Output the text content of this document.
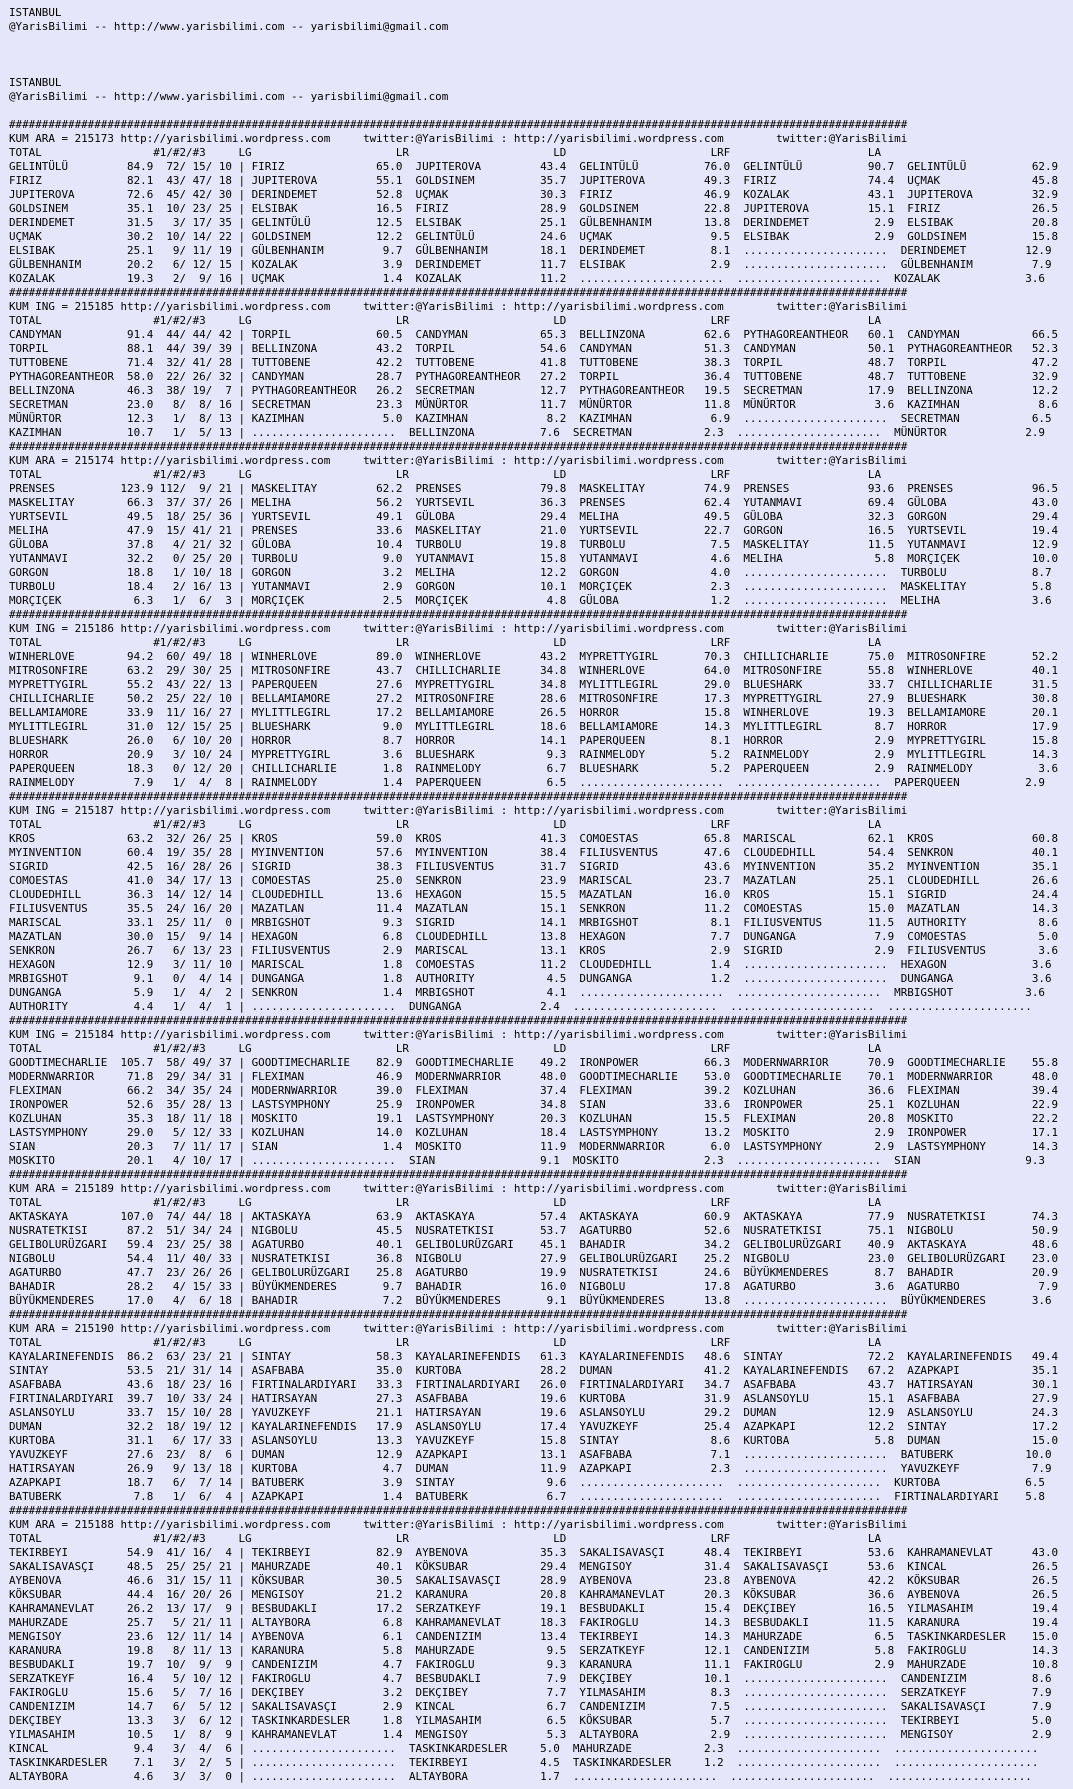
ISTANBUL
@YarisBilimi -- http://www.yarisbilimi.com -- yarisbilimi@gmail.com
ISTANBUL
@YarisBilimi -- http://www.yarisbilimi.com -- yarisbilimi@gmail.com

#########################################################################################################################################
KUM ARA = 215173 http://yarisbilimi.wordpress.com     twitter:@YarisBilimi : http://yarisbilimi.wordpress.com        twitter:@YarisBilimi
TOTAL                 #1/#2/#3     LG                      LR                      LD                      LRF                     LA
GELINTÜLÜ         84.9  72/ 15/ 10 | FIRIZ              65.0  JUPITEROVA         43.4  GELINTÜLÜ          76.0  GELINTÜLÜ          90.7  GELINTÜLÜ          62.9
FIRIZ             82.1  43/ 47/ 18 | JUPITEROVA         55.1  GOLDSINEM          35.7  JUPITEROVA         49.3  FIRIZ              74.4  UÇMAK              45.8
JUPITEROVA        72.6  45/ 42/ 30 | DERINDEMET         52.8  UÇMAK              30.3  FIRIZ              46.9  KOZALAK            43.1  JUPITEROVA         32.9
GOLDSINEM         35.1  10/ 23/ 25 | ELSIBAK            16.5  FIRIZ              28.9  GOLDSINEM          22.8  JUPITEROVA         15.1  FIRIZ              26.5
DERINDEMET        31.5   3/ 17/ 35 | GELINTÜLÜ          12.5  ELSIBAK            25.1  GÜLBENHANIM        13.8  DERINDEMET          2.9  ELSIBAK            20.8
UÇMAK             30.2  10/ 14/ 22 | GOLDSINEM          12.2  GELINTÜLÜ          24.6  UÇMAK               9.5  ELSIBAK             2.9  GOLDSINEM          15.8
ELSIBAK           25.1   9/ 11/ 19 | GÜLBENHANIM         9.7  GÜLBENHANIM        18.1  DERINDEMET          8.1  ......................  DERINDEMET         12.9
GÜLBENHANIM       20.2   6/ 12/ 15 | KOZALAK             3.9  DERINDEMET         11.7  ELSIBAK             2.9  ......................  GÜLBENHANIM         7.9
KOZALAK           19.3   2/  9/ 16 | UÇMAK               1.4  KOZALAK            11.2  ......................  ......................  KOZALAK             3.6
#########################################################################################################################################
KUM ING = 215185 http://yarisbilimi.wordpress.com     twitter:@YarisBilimi : http://yarisbilimi.wordpress.com        twitter:@YarisBilimi
TOTAL                 #1/#2/#3     LG                      LR                      LD                      LRF                     LA
CANDYMAN          91.4  44/ 44/ 42 | TORPIL             60.5  CANDYMAN           65.3  BELLINZONA         62.6  PYTHAGOREANTHEOR   60.1  CANDYMAN           66.5
TORPIL            88.1  44/ 39/ 39 | BELLINZONA         43.2  TORPIL             54.6  CANDYMAN           51.3  CANDYMAN           50.1  PYTHAGOREANTHEOR   52.3
TUTTOBENE         71.4  32/ 41/ 28 | TUTTOBENE          42.2  TUTTOBENE          41.8  TUTTOBENE          38.3  TORPIL             48.7  TORPIL             47.2
PYTHAGOREANTHEOR  58.0  22/ 26/ 32 | CANDYMAN           28.7  PYTHAGOREANTHEOR   27.2  TORPIL             36.4  TUTTOBENE          48.7  TUTTOBENE          32.9
BELLINZONA        46.3  38/ 19/  7 | PYTHAGOREANTHEOR   26.2  SECRETMAN          12.7  PYTHAGOREANTHEOR   19.5  SECRETMAN          17.9  BELLINZONA         12.2
SECRETMAN         23.0   8/  8/ 16 | SECRETMAN          23.3  MÜNÜRTOR           11.7  MÜNÜRTOR           11.8  MÜNÜRTOR            3.6  KAZIMHAN            8.6
MÜNÜRTOR          12.3   1/  8/ 13 | KAZIMHAN            5.0  KAZIMHAN            8.2  KAZIMHAN            6.9  ......................  SECRETMAN           6.5
KAZIMHAN          10.7   1/  5/ 13 | ......................  BELLINZONA          7.6  SECRETMAN           2.3  ......................  MÜNÜRTOR            2.9
#########################################################################################################################################
KUM ARA = 215174 http://yarisbilimi.wordpress.com     twitter:@YarisBilimi : http://yarisbilimi.wordpress.com        twitter:@YarisBilimi
TOTAL                 #1/#2/#3     LG                      LR                      LD                      LRF                     LA
PRENSES          123.9 112/  9/ 21 | MASKELITAY         62.2  PRENSES            79.8  MASKELITAY         74.9  PRENSES            93.6  PRENSES            96.5
MASKELITAY        66.3  37/ 37/ 26 | MELIHA             56.2  YURTSEVIL          36.3  PRENSES            62.4  YUTANMAVI          69.4  GÜLOBA             43.0
YURTSEVIL         49.5  18/ 25/ 36 | YURTSEVIL          49.1  GÜLOBA             29.4  MELIHA             49.5  GÜLOBA             32.3  GORGON             29.4
MELIHA            47.9  15/ 41/ 21 | PRENSES            33.6  MASKELITAY         21.0  YURTSEVIL          22.7  GORGON             16.5  YURTSEVIL          19.4
GÜLOBA            37.8   4/ 21/ 32 | GÜLOBA             10.4  TURBOLU            19.8  TURBOLU             7.5  MASKELITAY         11.5  YUTANMAVI          12.9
YUTANMAVI         32.2   0/ 25/ 20 | TURBOLU             9.0  YUTANMAVI          15.8  YUTANMAVI           4.6  MELIHA              5.8  MORÇIÇEK           10.0
GORGON            18.8   1/ 10/ 18 | GORGON              3.2  MELIHA             12.2  GORGON              4.0  ......................  TURBOLU             8.7
TURBOLU           18.4   2/ 16/ 13 | YUTANMAVI           2.9  GORGON             10.1  MORÇIÇEK            2.3  ......................  MASKELITAY          5.8
MORÇIÇEK           6.3   1/  6/  3 | MORÇIÇEK            2.5  MORÇIÇEK            4.8  GÜLOBA              1.2  ......................  MELIHA              3.6
#########################################################################################################################################
KUM ING = 215186 http://yarisbilimi.wordpress.com     twitter:@YarisBilimi : http://yarisbilimi.wordpress.com        twitter:@YarisBilimi
TOTAL                 #1/#2/#3     LG                      LR                      LD                      LRF                     LA
WINHERLOVE        94.2  60/ 49/ 18 | WINHERLOVE         89.0  WINHERLOVE         43.2  MYPRETTYGIRL       70.3  CHILLICHARLIE      75.0  MITROSONFIRE       52.2
MITROSONFIRE      63.2  29/ 30/ 25 | MITROSONFIRE       43.7  CHILLICHARLIE      34.8  WINHERLOVE         64.0  MITROSONFIRE       55.8  WINHERLOVE         40.1
MYPRETTYGIRL      55.2  43/ 22/ 13 | PAPERQUEEN         27.6  MYPRETTYGIRL       34.8  MYLITTLEGIRL       29.0  BLUESHARK          33.7  CHILLICHARLIE      31.5
CHILLICHARLIE     50.2  25/ 22/ 10 | BELLAMIAMORE       27.2  MITROSONFIRE       28.6  MITROSONFIRE       17.3  MYPRETTYGIRL       27.9  BLUESHARK          30.8
BELLAMIAMORE      33.9  11/ 16/ 27 | MYLITTLEGIRL       17.2  BELLAMIAMORE       26.5  HORROR             15.8  WINHERLOVE         19.3  BELLAMIAMORE       20.1
MYLITTLEGIRL      31.0  12/ 15/ 25 | BLUESHARK           9.0  MYLITTLEGIRL       18.6  BELLAMIAMORE       14.3  MYLITTLEGIRL        8.7  HORROR             17.9
BLUESHARK         26.0   6/ 10/ 20 | HORROR              8.7  HORROR             14.1  PAPERQUEEN          8.1  HORROR              2.9  MYPRETTYGIRL       15.8
HORROR            20.9   3/ 10/ 24 | MYPRETTYGIRL        3.6  BLUESHARK           9.3  RAINMELODY          5.2  RAINMELODY          2.9  MYLITTLEGIRL       14.3
PAPERQUEEN        18.3   0/ 12/ 20 | CHILLICHARLIE       1.8  RAINMELODY          6.7  BLUESHARK           5.2  PAPERQUEEN          2.9  RAINMELODY          3.6
RAINMELODY         7.9   1/  4/  8 | RAINMELODY          1.4  PAPERQUEEN          6.5  ......................  ......................  PAPERQUEEN          2.9
#########################################################################################################################################
KUM ING = 215187 http://yarisbilimi.wordpress.com     twitter:@YarisBilimi : http://yarisbilimi.wordpress.com        twitter:@YarisBilimi
TOTAL                 #1/#2/#3     LG                      LR                      LD                      LRF                     LA
KROS              63.2  32/ 26/ 25 | KROS               59.0  KROS               41.3  COMOESTAS          65.8  MARISCAL           62.1  KROS               60.8
MYINVENTION       60.4  19/ 35/ 28 | MYINVENTION        57.6  MYINVENTION        38.4  FILIUSVENTUS       47.6  CLOUDEDHILL        54.4  SENKRON            40.1
SIGRID            42.5  16/ 28/ 26 | SIGRID             38.3  FILIUSVENTUS       31.7  SIGRID             43.6  MYINVENTION        35.2  MYINVENTION        35.1
COMOESTAS         41.0  34/ 17/ 13 | COMOESTAS          25.0  SENKRON            23.9  MARISCAL           23.7  MAZATLAN           25.1  CLOUDEDHILL        26.6
CLOUDEDHILL       36.3  14/ 12/ 14 | CLOUDEDHILL        13.6  HEXAGON            15.5  MAZATLAN           16.0  KROS               15.1  SIGRID             24.4
FILIUSVENTUS      35.5  24/ 16/ 20 | MAZATLAN           11.4  MAZATLAN           15.1  SENKRON            11.2  COMOESTAS          15.0  MAZATLAN           14.3
MARISCAL          33.1  25/ 11/  0 | MRBIGSHOT           9.3  SIGRID             14.1  MRBIGSHOT           8.1  FILIUSVENTUS       11.5  AUTHORITY           8.6
MAZATLAN          30.0  15/  9/ 14 | HEXAGON             6.8  CLOUDEDHILL        13.8  HEXAGON             7.7  DUNGANGA            7.9  COMOESTAS           5.0
SENKRON           26.7   6/ 13/ 23 | FILIUSVENTUS        2.9  MARISCAL           13.1  KROS                2.9  SIGRID              2.9  FILIUSVENTUS        3.6
HEXAGON           12.9   3/ 11/ 10 | MARISCAL            1.8  COMOESTAS          11.2  CLOUDEDHILL         1.4  ......................  HEXAGON             3.6
MRBIGSHOT          9.1   0/  4/ 14 | DUNGANGA            1.8  AUTHORITY           4.5  DUNGANGA            1.2  ......................  DUNGANGA            3.6
DUNGANGA           5.9   1/  4/  2 | SENKRON             1.4  MRBIGSHOT           4.1  ......................  ......................  MRBIGSHOT           3.6
AUTHORITY          4.4   1/  4/  1 | ......................  DUNGANGA            2.4  ......................  ......................  ......................
#########################################################################################################################################
KUM ING = 215184 http://yarisbilimi.wordpress.com     twitter:@YarisBilimi : http://yarisbilimi.wordpress.com        twitter:@YarisBilimi
TOTAL                 #1/#2/#3     LG                      LR                      LD                      LRF                     LA
GOODTIMECHARLIE  105.7  58/ 49/ 37 | GOODTIMECHARLIE    82.9  GOODTIMECHARLIE    49.2  IRONPOWER          66.3  MODERNWARRIOR      70.9  GOODTIMECHARLIE    55.8
MODERNWARRIOR     71.8  29/ 34/ 31 | FLEXIMAN           46.9  MODERNWARRIOR      48.0  GOODTIMECHARLIE    53.0  GOODTIMECHARLIE    70.1  MODERNWARRIOR      48.0
FLEXIMAN          66.2  34/ 35/ 24 | MODERNWARRIOR      39.0  FLEXIMAN           37.4  FLEXIMAN           39.2  KOZLUHAN           36.6  FLEXIMAN           39.4
IRONPOWER         52.6  35/ 28/ 13 | LASTSYMPHONY       25.9  IRONPOWER          34.8  SIAN               33.6  IRONPOWER          25.1  KOZLUHAN           22.9
KOZLUHAN          35.3  18/ 11/ 18 | MOSKITO            19.1  LASTSYMPHONY       20.3  KOZLUHAN           15.5  FLEXIMAN           20.8  MOSKITO            22.2
LASTSYMPHONY      29.0   5/ 12/ 33 | KOZLUHAN           14.0  KOZLUHAN           18.4  LASTSYMPHONY       13.2  MOSKITO             2.9  IRONPOWER          17.1
SIAN              20.3   7/ 11/ 17 | SIAN                1.4  MOSKITO            11.9  MODERNWARRIOR       6.0  LASTSYMPHONY        2.9  LASTSYMPHONY       14.3
MOSKITO           20.1   4/ 10/ 17 | ......................  SIAN                9.1  MOSKITO             2.3  ......................  SIAN                9.3
#########################################################################################################################################
KUM ARA = 215189 http://yarisbilimi.wordpress.com     twitter:@YarisBilimi : http://yarisbilimi.wordpress.com        twitter:@YarisBilimi
TOTAL                 #1/#2/#3     LG                      LR                      LD                      LRF                     LA
AKTASKAYA        107.0  74/ 44/ 18 | AKTASKAYA          63.9  AKTASKAYA          57.4  AKTASKAYA          60.9  AKTASKAYA          77.9  NUSRATETKISI       74.3
NUSRATETKISI      87.2  51/ 34/ 24 | NIGBOLU            45.5  NUSRATETKISI       53.7  AGATURBO           52.6  NUSRATETKISI       75.1  NIGBOLU            50.9
GELIBOLURÜZGARI   59.4  23/ 25/ 38 | AGATURBO           40.1  GELIBOLURÜZGARI    45.1  BAHADIR            34.2  GELIBOLURÜZGARI    40.9  AKTASKAYA          48.6
NIGBOLU           54.4  11/ 40/ 33 | NUSRATETKISI       36.8  NIGBOLU            27.9  GELIBOLURÜZGARI    25.2  NIGBOLU            23.0  GELIBOLURÜZGARI    23.0
AGATURBO          47.7  23/ 26/ 26 | GELIBOLURÜZGARI    25.8  AGATURBO           19.9  NUSRATETKISI       24.6  BÜYÜKMENDERES       8.7  BAHADIR            20.9
BAHADIR           28.2   4/ 15/ 33 | BÜYÜKMENDERES       9.7  BAHADIR            16.0  NIGBOLU            17.8  AGATURBO            3.6  AGATURBO            7.9
BÜYÜKMENDERES     17.0   4/  6/ 18 | BAHADIR             7.2  BÜYÜKMENDERES       9.1  BÜYÜKMENDERES      13.8  ......................  BÜYÜKMENDERES       3.6
#########################################################################################################################################
KUM ARA = 215190 http://yarisbilimi.wordpress.com     twitter:@YarisBilimi : http://yarisbilimi.wordpress.com        twitter:@YarisBilimi
TOTAL                 #1/#2/#3     LG                      LR                      LD                      LRF                     LA
KAYALARINEFENDIS  86.2  63/ 23/ 21 | SINTAY             58.3  KAYALARINEFENDIS   61.3  KAYALARINEFENDIS   48.6  SINTAY             72.2  KAYALARINEFENDIS   49.4
SINTAY            53.5  21/ 31/ 14 | ASAFBABA           35.0  KURTOBA            28.2  DUMAN              41.2  KAYALARINEFENDIS   67.2  AZAPKAPI           35.1
ASAFBABA          43.6  18/ 23/ 16 | FIRTINALARDIYARI   33.3  FIRTINALARDIYARI   26.0  FIRTINALARDIYARI   34.7  ASAFBABA           43.7  HATIRSAYAN         30.1
FIRTINALARDIYARI  39.7  10/ 33/ 24 | HATIRSAYAN         27.3  ASAFBABA           19.6  KURTOBA            31.9  ASLANSOYLU         15.1  ASAFBABA           27.9
ASLANSOYLU        33.7  15/ 10/ 28 | YAVUZKEYF          21.1  HATIRSAYAN         19.6  ASLANSOYLU         29.2  DUMAN              12.9  ASLANSOYLU         24.3
DUMAN             32.2  18/ 19/ 12 | KAYALARINEFENDIS   17.9  ASLANSOYLU         17.4  YAVUZKEYF          25.4  AZAPKAPI           12.2  SINTAY             17.2
KURTOBA           31.1   6/ 17/ 33 | ASLANSOYLU         13.3  YAVUZKEYF          15.8  SINTAY              8.6  KURTOBA             5.8  DUMAN              15.0
YAVUZKEYF         27.6  23/  8/  6 | DUMAN              12.9  AZAPKAPI           13.1  ASAFBABA            7.1  ......................  BATUBERK           10.0
HATIRSAYAN        26.9   9/ 13/ 18 | KURTOBA             4.7  DUMAN              11.9  AZAPKAPI            2.3  ......................  YAVUZKEYF           7.9
AZAPKAPI          18.7   6/  7/ 14 | BATUBERK            3.9  SINTAY              9.6  ......................  ......................  KURTOBA             6.5
BATUBERK           7.8   1/  6/  4 | AZAPKAPI            1.4  BATUBERK            6.7  ......................  ......................  FIRTINALARDIYARI    5.8
#########################################################################################################################################
KUM ARA = 215188 http://yarisbilimi.wordpress.com     twitter:@YarisBilimi : http://yarisbilimi.wordpress.com        twitter:@YarisBilimi
TOTAL                 #1/#2/#3     LG                      LR                      LD                      LRF                     LA
TEKIRBEYI         54.9  41/ 16/  4 | TEKIRBEYI          82.9  AYBENOVA           35.3  SAKALISAVASÇI      48.4  TEKIRBEYI          53.6  KAHRAMANEVLAT      43.0
SAKALISAVASÇI     48.5  25/ 25/ 21 | MAHURZADE          40.1  KÖKSUBAR           29.4  MENGISOY           31.4  SAKALISAVASÇI      53.6  KINCAL             26.5
AYBENOVA          46.6  31/ 15/ 11 | KÖKSUBAR           30.5  SAKALISAVASÇI      28.9  AYBENOVA           23.8  AYBENOVA           42.2  KÖKSUBAR           26.5
KÖKSUBAR          44.4  16/ 20/ 26 | MENGISOY           21.2  KARANURA           20.8  KAHRAMANEVLAT      20.3  KÖKSUBAR           36.6  AYBENOVA           26.5
KAHRAMANEVLAT     26.2  13/ 17/  9 | BESBUDAKLI         17.2  SERZATKEYF         19.1  BESBUDAKLI         15.4  DEKÇIBEY           16.5  YILMASAHIM         19.4
MAHURZADE         25.7   5/ 21/ 11 | ALTAYBORA           6.8  KAHRAMANEVLAT      18.3  FAKIROGLU          14.3  BESBUDAKLI         11.5  KARANURA           19.4
MENGISOY          23.6  12/ 11/ 14 | AYBENOVA            6.1  CANDENIZIM         13.4  TEKIRBEYI          14.3  MAHURZADE           6.5  TASKINKARDESLER    15.0
KARANURA          19.8   8/ 11/ 13 | KARANURA            5.8  MAHURZADE           9.5  SERZATKEYF         12.1  CANDENIZIM          5.8  FAKIROGLU          14.3
BESBUDAKLI        19.7  10/  9/  9 | CANDENIZIM          4.7  FAKIROGLU           9.3  KARANURA           11.1  FAKIROGLU           2.9  MAHURZADE          10.8
SERZATKEYF        16.4   5/ 10/ 12 | FAKIROGLU           4.7  BESBUDAKLI          7.9  DEKÇIBEY           10.1  ......................  CANDENIZIM          8.6
FAKIROGLU         15.6   5/  7/ 16 | DEKÇIBEY            3.2  DEKÇIBEY            7.7  YILMASAHIM          8.3  ......................  SERZATKEYF          7.9
CANDENIZIM        14.7   6/  5/ 12 | SAKALISAVASÇI       2.9  KINCAL              6.7  CANDENIZIM          7.5  ......................  SAKALISAVASÇI       7.9
DEKÇIBEY          13.3   3/  6/ 12 | TASKINKARDESLER     1.8  YILMASAHIM          6.5  KÖKSUBAR            5.7  ......................  TEKIRBEYI           5.0
YILMASAHIM        10.5   1/  8/  9 | KAHRAMANEVLAT       1.4  MENGISOY            5.3  ALTAYBORA           2.9  ......................  MENGISOY            2.9
KINCAL             9.4   3/  4/  6 | ......................  TASKINKARDESLER     5.0  MAHURZADE           2.3  ......................  ......................
TASKINKARDESLER    7.1   3/  2/  5 | ......................  TEKIRBEYI           4.5  TASKINKARDESLER     1.2  ......................  ......................
ALTAYBORA          4.6   3/  3/  0 | ......................  ALTAYBORA           1.7  ......................  ......................  ......................
